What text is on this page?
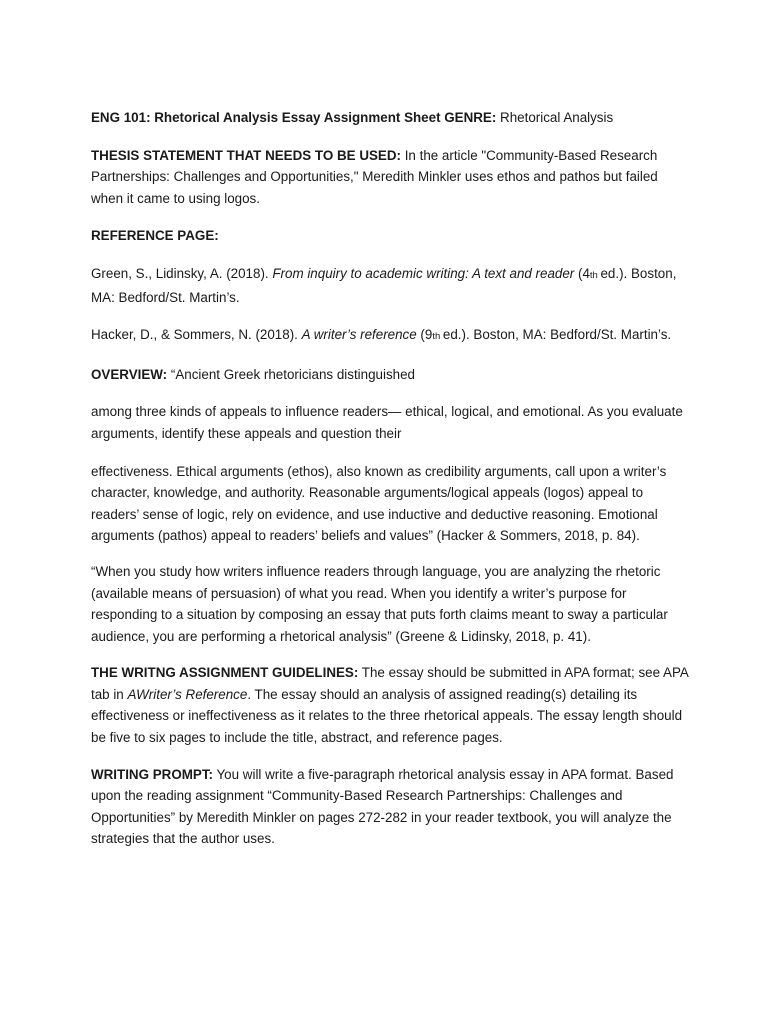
ENG 101: Rhetorical Analysis Essay Assignment Sheet GENRE: Rhetorical Analysis

THESIS STATEMENT THAT NEEDS TO BE USED: In the article "Community-Based Research Partnerships: Challenges and Opportunities," Meredith Minkler uses ethos and pathos but failed when it came to using logos.

REFERENCE PAGE:

Green, S., Lidinsky, A. (2018). From inquiry to academic writing: A text and reader (4th ed.). Boston, MA: Bedford/St. Martin’s.

Hacker, D., & Sommers, N. (2018). A writer’s reference (9th ed.). Boston, MA: Bedford/St. Martin’s.

OVERVIEW: “Ancient Greek rhetoricians distinguished

among three kinds of appeals to influence readers— ethical, logical, and emotional. As you evaluate arguments, identify these appeals and question their

effectiveness. Ethical arguments (ethos), also known as credibility arguments, call upon a writer’s character, knowledge, and authority. Reasonable arguments/logical appeals (logos) appeal to readers’ sense of logic, rely on evidence, and use inductive and deductive reasoning. Emotional arguments (pathos) appeal to readers’ beliefs and values” (Hacker & Sommers, 2018, p. 84).

“When you study how writers influence readers through language, you are analyzing the rhetoric (available means of persuasion) of what you read. When you identify a writer’s purpose for responding to a situation by composing an essay that puts forth claims meant to sway a particular audience, you are performing a rhetorical analysis” (Greene & Lidinsky, 2018, p. 41).

THE WRITNG ASSIGNMENT GUIDELINES: The essay should be submitted in APA format; see APA tab in AWriter’s Reference. The essay should an analysis of assigned reading(s) detailing its effectiveness or ineffectiveness as it relates to the three rhetorical appeals. The essay length should be five to six pages to include the title, abstract, and reference pages.

WRITING PROMPT: You will write a five-paragraph rhetorical analysis essay in APA format. Based upon the reading assignment “Community-Based Research Partnerships: Challenges and Opportunities” by Meredith Minkler on pages 272-282 in your reader textbook, you will analyze the strategies that the author uses.
